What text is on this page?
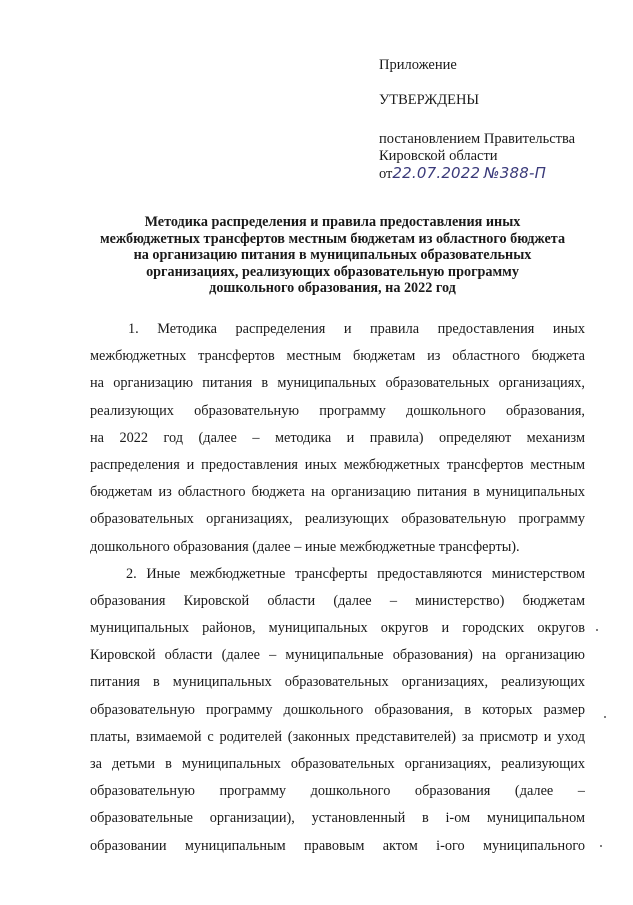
Приложение
УТВЕРЖДЕНЫ
постановлением Правительства
Кировской области
от22.07.2022 №388-П
Методика распределения и правила предоставления иных
межбюджетных трансфертов местным бюджетам из областного бюджета
на организацию питания в муниципальных образовательных
организациях, реализующих образовательную программу
дошкольного образования, на 2022 год
1. Методика распределения и правила предоставления иных
межбюджетных трансфертов местным бюджетам из областного бюджета
на организацию питания в муниципальных образовательных организациях,
реализующих образовательную программу дошкольного образования,
на 2022 год (далее – методика и правила) определяют механизм
распределения и предоставления иных межбюджетных трансфертов местным
бюджетам из областного бюджета на организацию питания в муниципальных
образовательных организациях, реализующих образовательную программу
дошкольного образования (далее – иные межбюджетные трансферты).
2. Иные межбюджетные трансферты предоставляются министерством
образования Кировской области (далее – министерство) бюджетам
муниципальных районов, муниципальных округов и городских округов
Кировской области (далее – муниципальные образования) на организацию
питания в муниципальных образовательных организациях, реализующих
образовательную программу дошкольного образования, в которых размер
платы, взимаемой с родителей (законных представителей) за присмотр и уход
за детьми в муниципальных образовательных организациях, реализующих
образовательную программу дошкольного образования (далее –
образовательные организации), установленный в i-ом муниципальном
образовании муниципальным правовым актом i-ого муниципального
